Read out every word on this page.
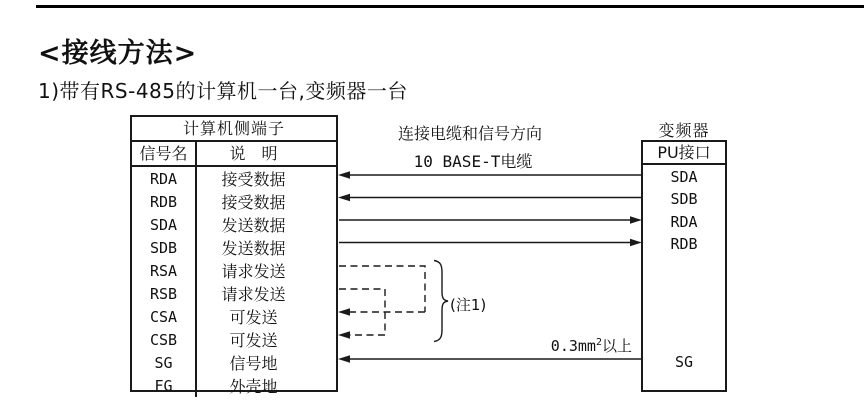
<接线方法>
1)带有RS-485的计算机一台,变频器一台
计算机侧端子
信号名	说　明
RDA	接受数据
RDB	接受数据
SDA	发送数据
SDB	发送数据
RSA	请求发送
RSB	请求发送
CSA	可发送
CSB	可发送
SG	信号地
FG	外壳地
变频器
PU接口
SDA
SDB
RDA
RDB
SG
连接电缆和信号方向
10 BASE-T电缆
(注1)
$0.3mm^2$以上
